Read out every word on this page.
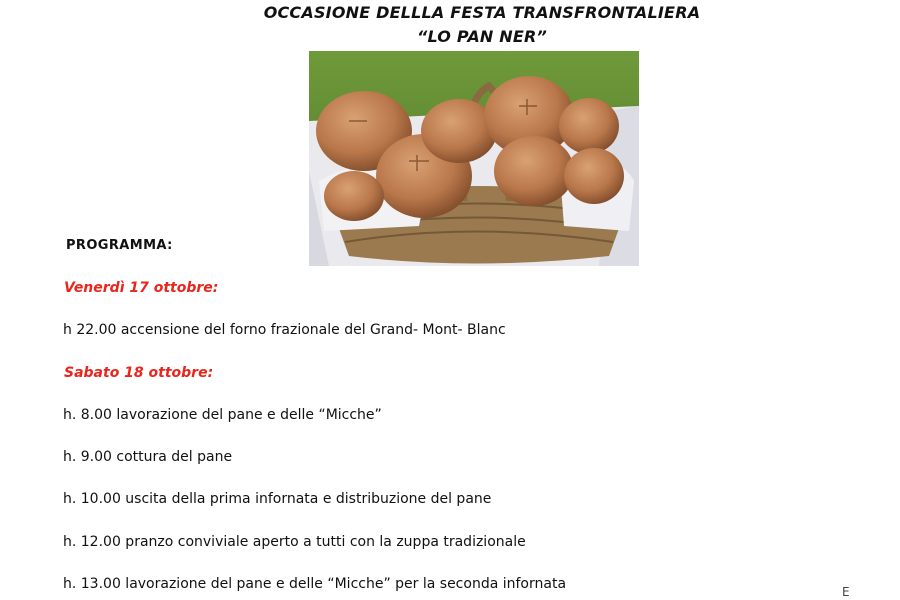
OCCASIONE DELLLA FESTA TRANSFRONTALIERA
“LO PAN NER”
PROGRAMMA:
Venerdì 17 ottobre:
h 22.00 accensione del forno frazionale del Grand- Mont- Blanc
Sabato 18 ottobre:
h. 8.00 lavorazione del pane e delle “Micche”
h. 9.00 cottura del pane
h. 10.00 uscita della prima infornata e distribuzione del pane
h. 12.00 pranzo conviviale aperto a tutti con la zuppa tradizionale
h. 13.00 lavorazione del pane e delle “Micche” per la seconda infornata	E
